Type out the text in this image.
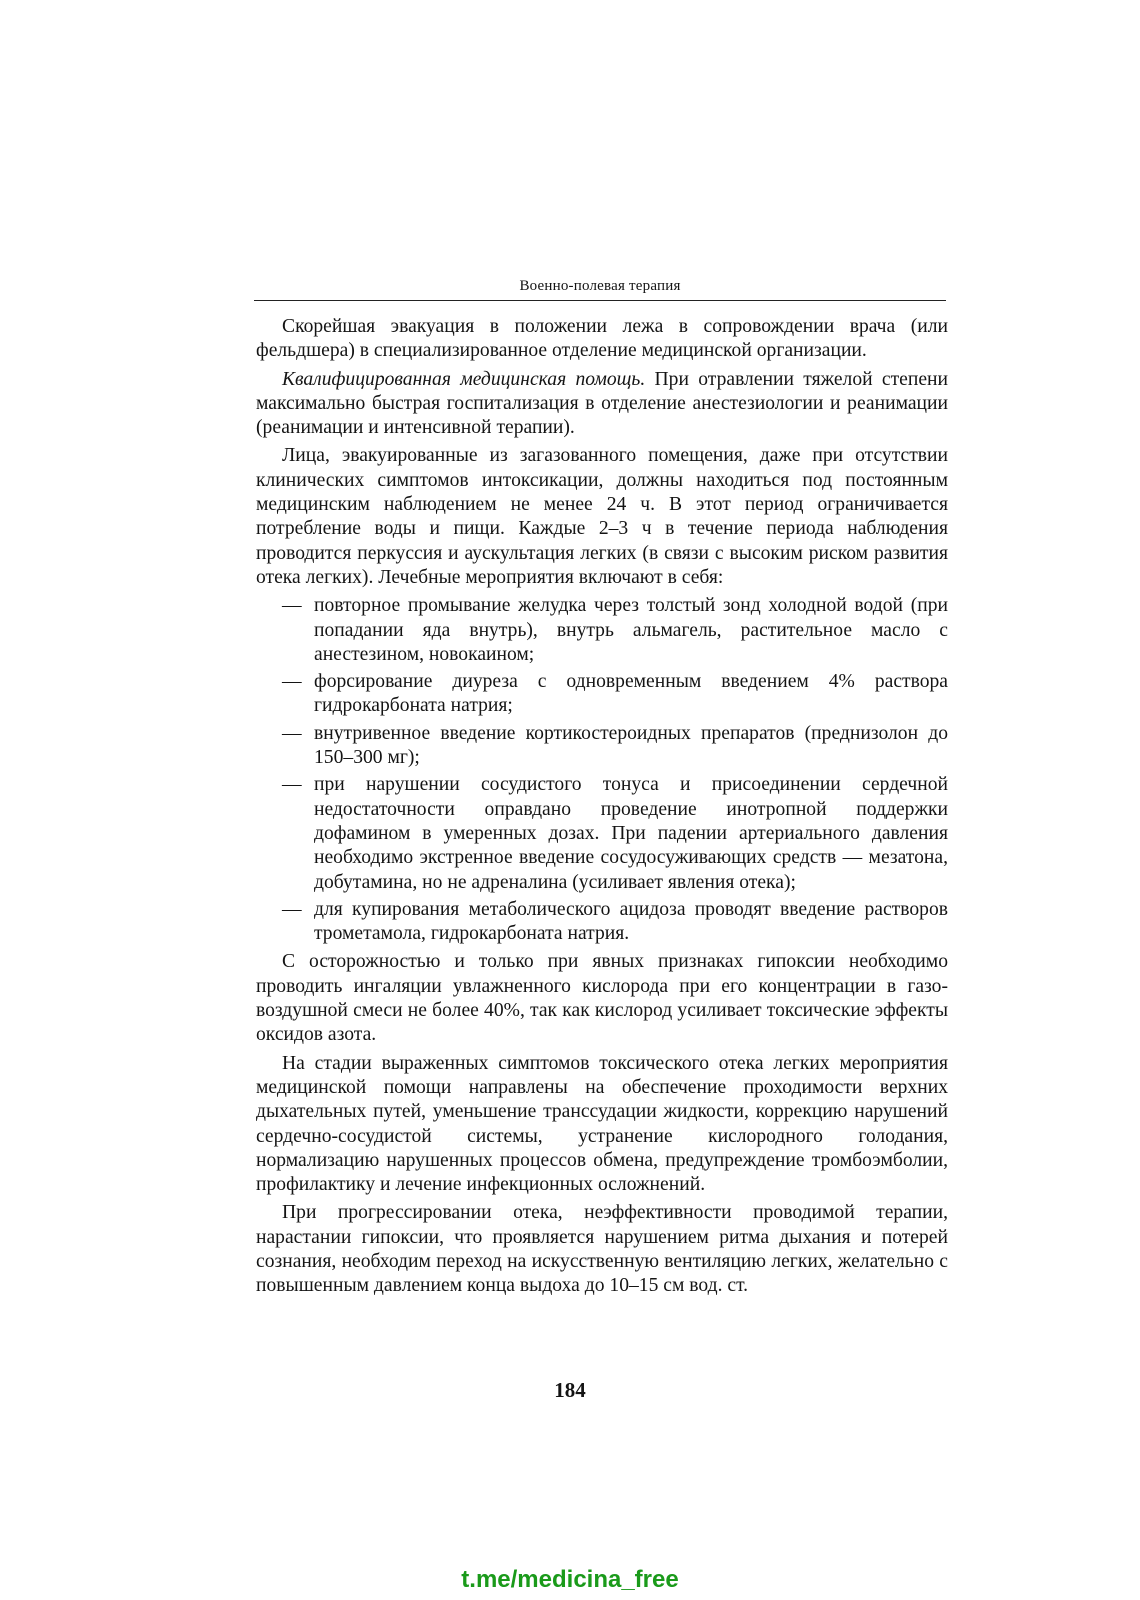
Военно-полевая терапия

Скорейшая эвакуация в положении лежа в сопровождении врача (или фельдшера) в специализированное отделение медицинской организации.

Квалифицированная медицинская помощь. При отравлении тяжелой степени максимально быстрая госпитализация в отделение анестезиологии и реанимации (реанимации и интенсивной терапии).

Лица, эвакуированные из загазованного помещения, даже при отсутствии клинических симптомов интоксикации, должны находиться под постоянным медицинским наблюдением не менее 24 ч. В этот период ограничивается потребление воды и пищи. Каждые 2–3 ч в течение периода наблюдения проводится перкуссия и аускультация легких (в связи с высоким риском развития отека легких). Лечебные мероприятия включают в себя:

— повторное промывание желудка через толстый зонд холодной водой (при попадании яда внутрь), внутрь альмагель, растительное масло с анестезином, новокаином;
— форсирование диуреза с одновременным введением 4% раствора гидрокарбоната натрия;
— внутривенное введение кортикостероидных препаратов (преднизолон до 150–300 мг);
— при нарушении сосудистого тонуса и присоединении сердечной недостаточности оправдано проведение инотропной поддержки дофамином в умеренных дозах. При падении артериального давления необходимо экстренное введение сосудосуживающих средств — мезатона, добутамина, но не адреналина (усиливает явления отека);
— для купирования метаболического ацидоза проводят введение растворов трометамола, гидрокарбоната натрия.

С осторожностью и только при явных признаках гипоксии необходимо проводить ингаляции увлажненного кислорода при его концентрации в газо-воздушной смеси не более 40%, так как кислород усиливает токсические эффекты оксидов азота.

На стадии выраженных симптомов токсического отека легких мероприятия медицинской помощи направлены на обеспечение проходимости верхних дыхательных путей, уменьшение транссудации жидкости, коррекцию нарушений сердечно-сосудистой системы, устранение кислородного голодания, нормализацию нарушенных процессов обмена, предупреждение тромбоэмболии, профилактику и лечение инфекционных осложнений.

При прогрессировании отека, неэффективности проводимой терапии, нарастании гипоксии, что проявляется нарушением ритма дыхания и потерей сознания, необходим переход на искусственную вентиляцию легких, желательно с повышенным давлением конца выдоха до 10–15 см вод. ст.

184
t.me/medicina_free
